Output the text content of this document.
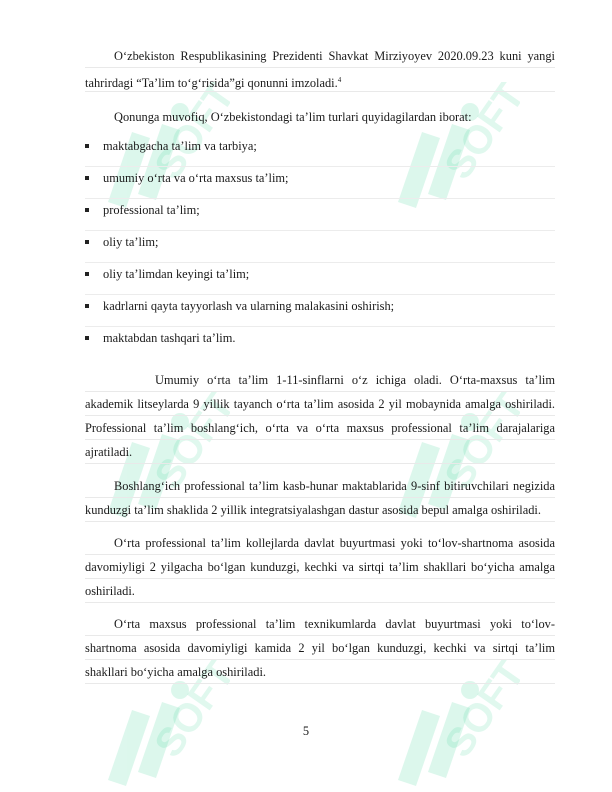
SOFT	SOFT
SOFT	SOFT

O‘zbekiston Respublikasining Prezidenti Shavkat Mirziyoyev 2020.09.23 kuni yangi tahrirdagi “Ta’lim to‘g‘risida”gi qonunni imzoladi.$^4$

Qonunga muvofiq, O‘zbekistondagi ta’lim turlari quyidagilardan iborat:

maktabgacha ta’lim va tarbiya;
umumiy o‘rta va o‘rta maxsus ta’lim;
professional ta’lim;
oliy ta’lim;
oliy ta’limdan keyingi ta’lim;
kadrlarni qayta tayyorlash va ularning malakasini oshirish;
maktabdan tashqari ta’lim.

Umumiy o‘rta ta’lim 1-11-sinflarni o‘z ichiga oladi. O‘rta-maxsus ta’lim akademik litseylarda 9 yillik tayanch o‘rta ta’lim asosida 2 yil mobaynida amalga oshiriladi. Professional ta’lim boshlang‘ich, o‘rta va o‘rta maxsus professional ta’lim darajalariga ajratiladi.

Boshlang‘ich professional ta’lim kasb-hunar maktablarida 9-sinf bitiruvchilari negizida kunduzgi ta’lim shaklida 2 yillik integratsiyalashgan dastur asosida bepul amalga oshiriladi.

O‘rta professional ta’lim kollejlarda davlat buyurtmasi yoki to‘lov-shartnoma asosida davomiyligi 2 yilgacha bo‘lgan kunduzgi, kechki va sirtqi ta’lim shakllari bo‘yicha amalga oshiriladi.

O‘rta maxsus professional ta’lim texnikumlarda davlat buyurtmasi yoki to‘lov-shartnoma asosida davomiyligi kamida 2 yil bo‘lgan kunduzgi, kechki va sirtqi ta’lim shakllari bo‘yicha amalga oshiriladi.

5
